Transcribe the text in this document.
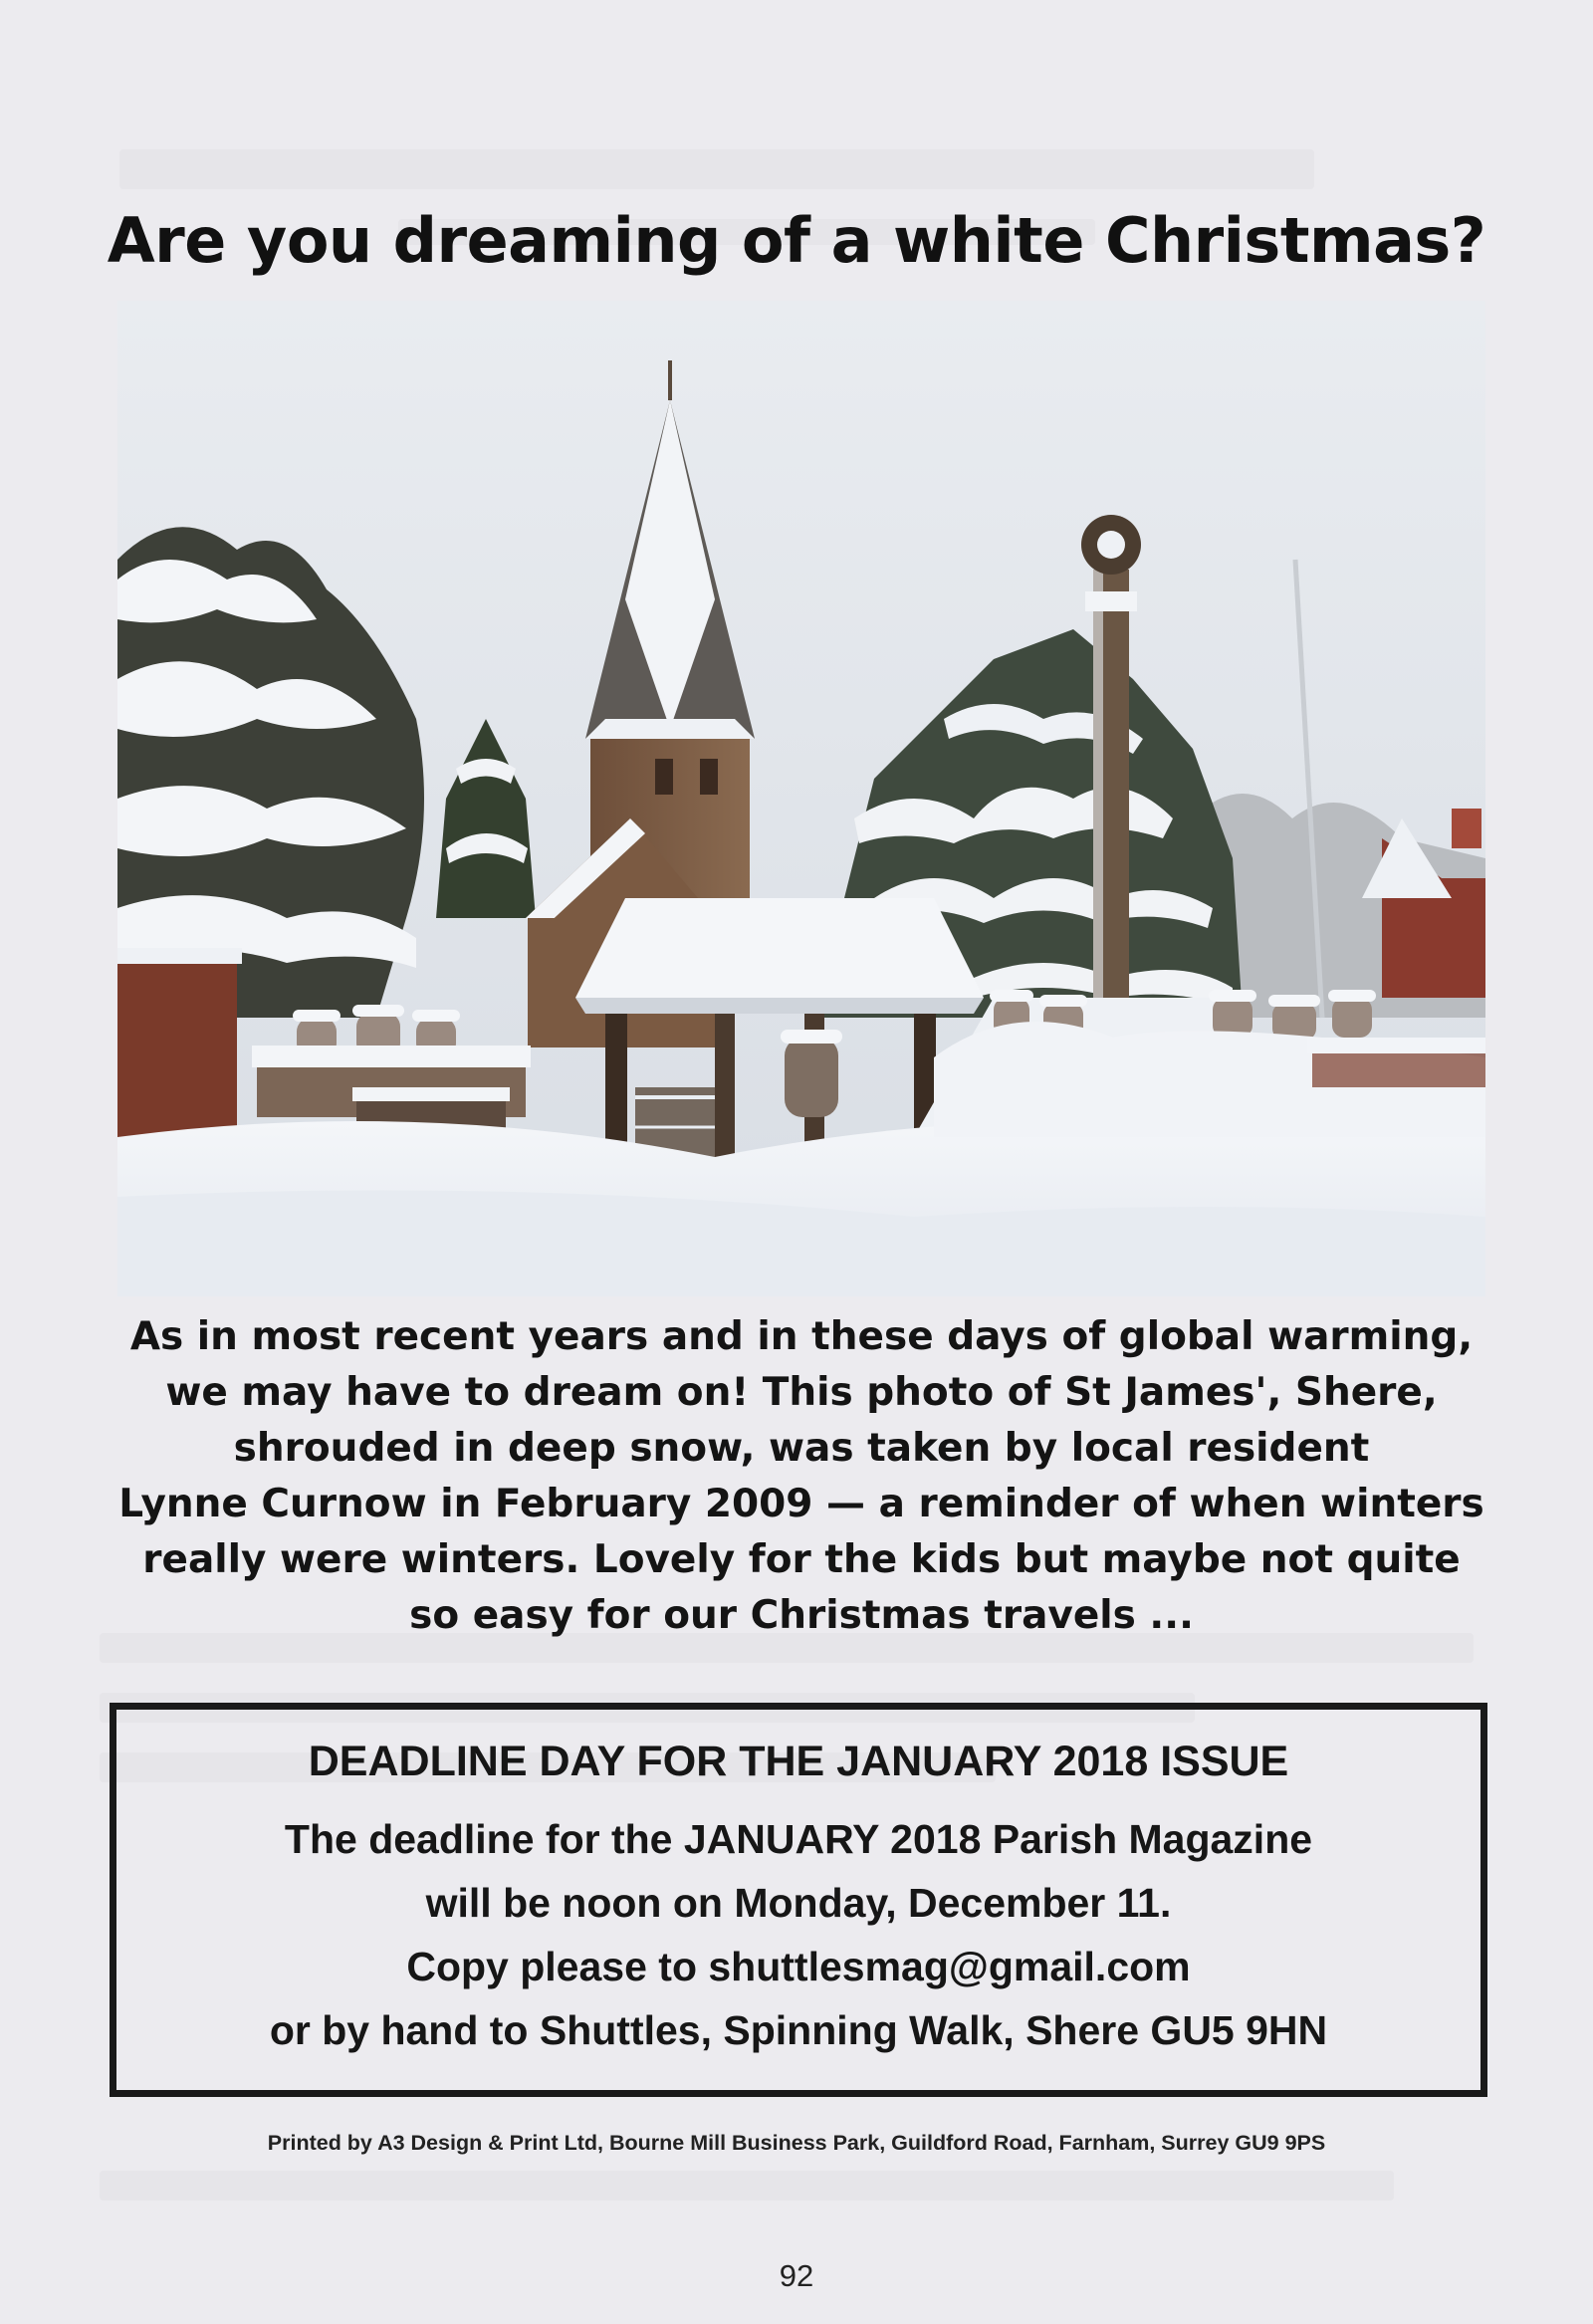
Are you dreaming of a white Christmas?
As in most recent years and in these days of global warming,
we may have to dream on! This photo of St James', Shere,
shrouded in deep snow, was taken by local resident
Lynne Curnow in February 2009 — a reminder of when winters
really were winters. Lovely for the kids but maybe not quite
so easy for our Christmas travels ...
DEADLINE DAY FOR THE JANUARY 2018 ISSUE
The deadline for the JANUARY 2018 Parish Magazine
will be noon on Monday, December 11.
Copy please to shuttlesmag@gmail.com
or by hand to Shuttles, Spinning Walk, Shere GU5 9HN
Printed by A3 Design & Print Ltd, Bourne Mill Business Park, Guildford Road, Farnham, Surrey GU9 9PS
92
